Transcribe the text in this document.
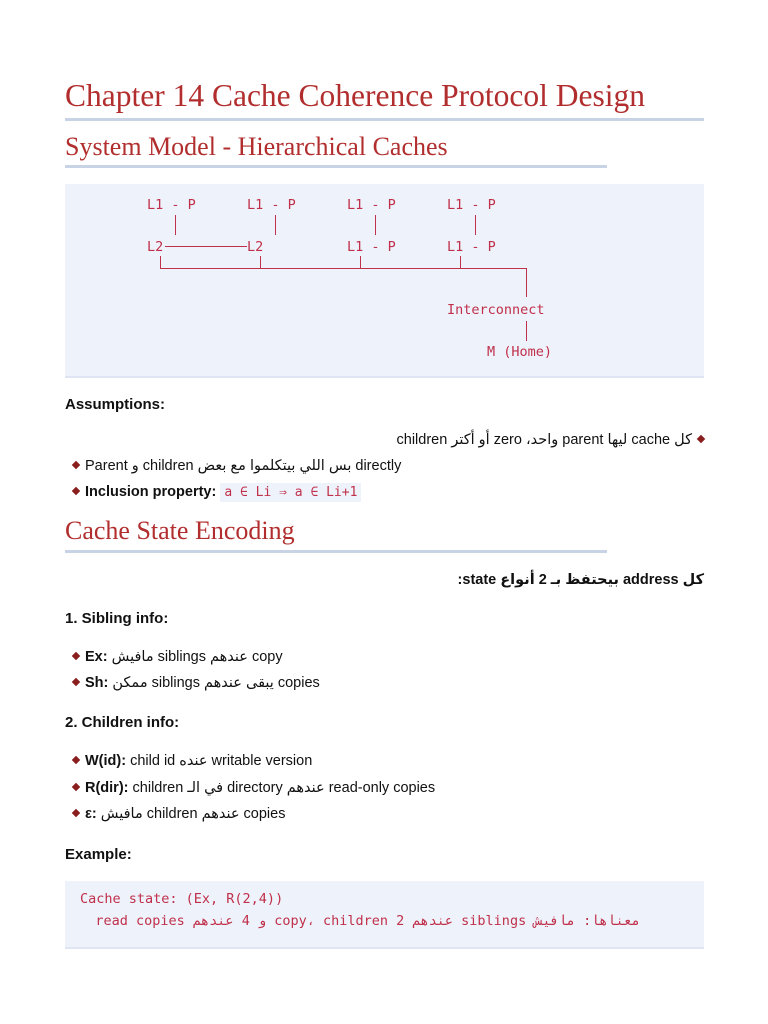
Chapter 14 Cache Coherence Protocol Design
System Model - Hierarchical Caches
L1 - P	L1 - P	L1 - P	L1 - P
L2	L2	L1 - P	L1 - P
Interconnect
M (Home)
Assumptions:
كل cache ليها parent واحد، zero أو أكتر children
Parent و children بس اللي بيتكلموا مع بعض directly
Inclusion property: a ∈ Li ⇒ a ∈ Li+1
Cache State Encoding
كل address بيحتفظ بـ 2 أنواع state:
1. Sibling info:
Ex: مافيش siblings عندهم copy
Sh: ممكن siblings يبقى عندهم copies
2. Children info:
W(id): child id عنده writable version
R(dir): children في الـ directory عندهم read-only copies
ε: مافيش children عندهم copies
Example:
Cache state: (Ex, R(2,4))
معناها: مافيش siblings عندهم copy، children 2 و 4 عندهم read copies
